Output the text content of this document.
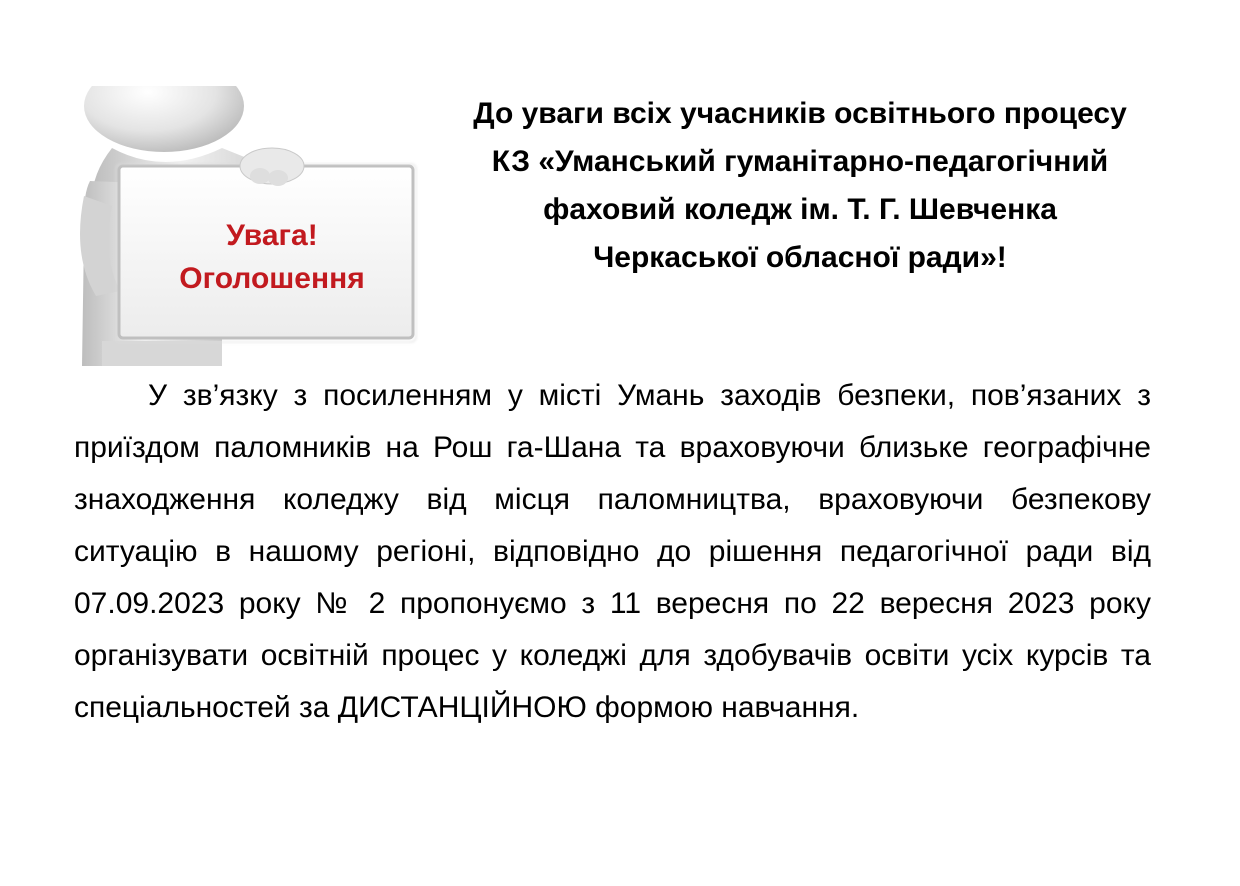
Увага!
Оголошення
До уваги всіх учасників освітнього процесу
КЗ «Уманський гуманітарно-педагогічний
фаховий коледж ім. Т. Г. Шевченка
Черкаської обласної ради»!

У зв’язку з посиленням у місті Умань заходів безпеки, пов’язаних з приїздом паломників на Рош га-Шана та враховуючи близьке географічне знаходження коледжу від місця паломництва, враховуючи безпекову ситуацію в нашому регіоні, відповідно до рішення педагогічної ради від 07.09.2023 року № 2 пропонуємо з 11 вересня по 22 вересня 2023 року організувати освітній процес у коледжі для здобувачів освіти усіх курсів та спеціальностей за ДИСТАНЦІЙНОЮ формою навчання.
